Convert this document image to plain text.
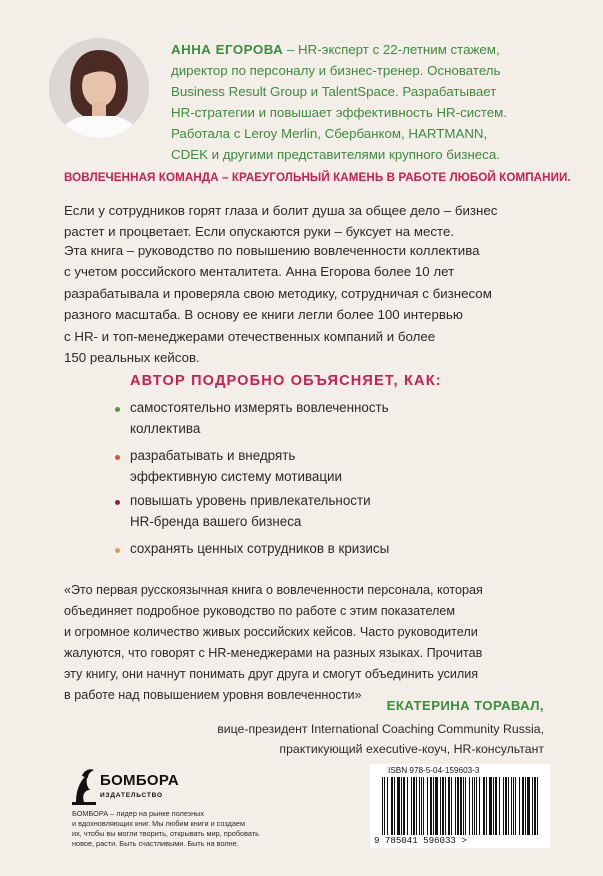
АННА ЕГОРОВА – HR-эксперт с 22-летним стажем,
директор по персоналу и бизнес-тренер. Основатель
Business Result Group и TalentSpace. Разрабатывает
HR-стратегии и повышает эффективность HR-систем.
Работала с Leroy Merlin, Сбербанком, HARTMANN,
CDEK и другими представителями крупного бизнеса.
ВОВЛЕЧЕННАЯ КОМАНДА – КРАЕУГОЛЬНЫЙ КАМЕНЬ В РАБОТЕ ЛЮБОЙ КОМПАНИИ.
Если у сотрудников горят глаза и болит душа за общее дело – бизнес
растет и процветает. Если опускаются руки – буксует на месте.
Эта книга – руководство по повышению вовлеченности коллектива
с учетом российского менталитета. Анна Егорова более 10 лет
разрабатывала и проверяла свою методику, сотрудничая с бизнесом
разного масштаба. В основу ее книги легли более 100 интервью
с HR- и топ-менеджерами отечественных компаний и более
150 реальных кейсов.
АВТОР ПОДРОБНО ОБЪЯСНЯЕТ, КАК:
самостоятельно измерять вовлеченность
коллектива
разрабатывать и внедрять
эффективную систему мотивации
повышать уровень привлекательности
HR-бренда вашего бизнеса
сохранять ценных сотрудников в кризисы
«Это первая русскоязычная книга о вовлеченности персонала, которая
объединяет подробное руководство по работе с этим показателем
и огромное количество живых российских кейсов. Часто руководители
жалуются, что говорят с HR-менеджерами на разных языках. Прочитав
эту книгу, они начнут понимать друг друга и смогут объединить усилия
в работе над повышением уровня вовлеченности»
ЕКАТЕРИНА ТОРАВАЛ,
вице-президент International Coaching Community Russia,
практикующий executive-коуч, HR-консультант
БОМБОРА
ИЗДАТЕЛЬСТВО
БОМБОРА – лидер на рынке полезных
и вдохновляющих книг. Мы любим книги и создаем
их, чтобы вы могли творить, открывать мир, пробовать
новое, расти. Быть счастливыми. Быть на волне.
ISBN 978-5-04-159603-3
9 785041 596033 >
